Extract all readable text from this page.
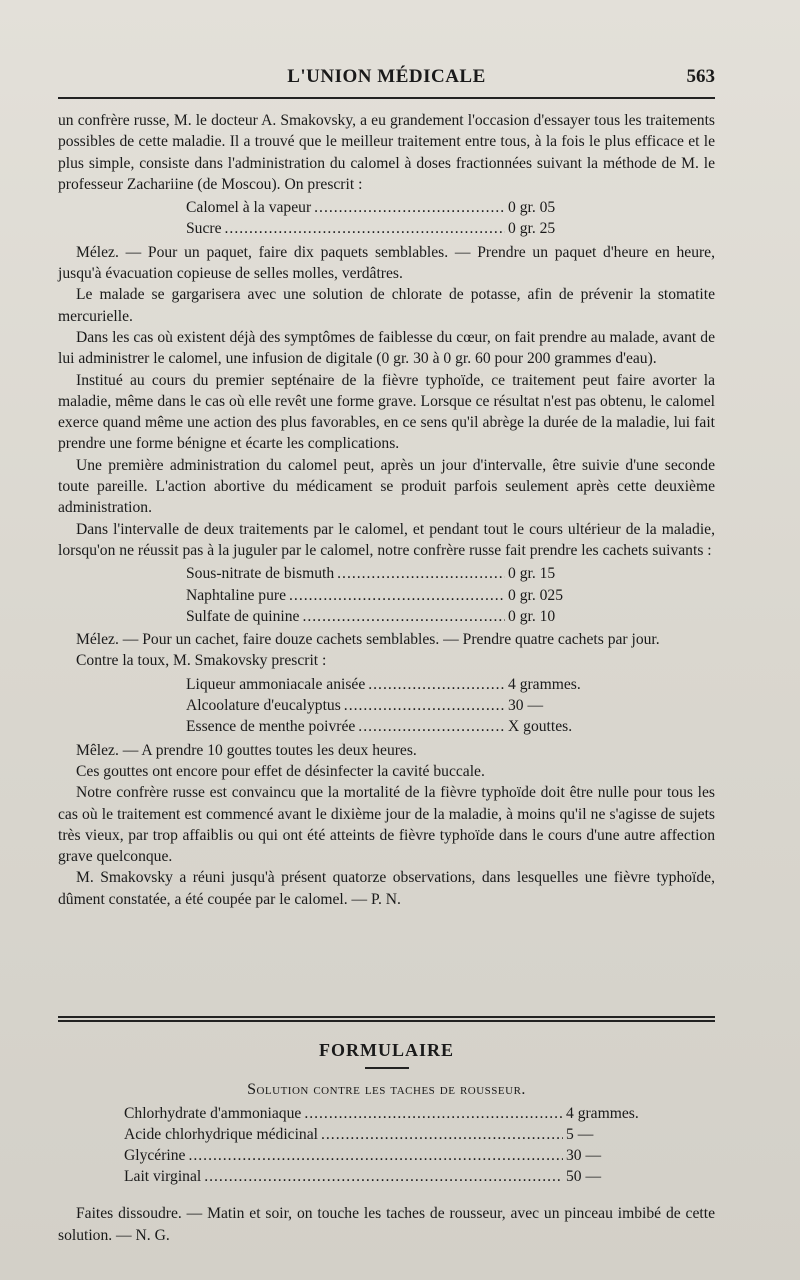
L'UNION MÉDICALE	563

un confrère russe, M. le docteur A. Smakovsky, a eu grandement l'occasion d'essayer tous les traitements possibles de cette maladie. Il a trouvé que le meilleur traitement entre tous, à la fois le plus efficace et le plus simple, consiste dans l'administration du calomel à doses fractionnées suivant la méthode de M. le professeur Zachariine (de Moscou). On prescrit :

Calomel à la vapeur .....	0 gr. 05
Sucre .....	0 gr. 25

Mélez. — Pour un paquet, faire dix paquets semblables. — Prendre un paquet d'heure en heure, jusqu'à évacuation copieuse de selles molles, verdâtres.

Le malade se gargarisera avec une solution de chlorate de potasse, afin de prévenir la stomatite mercurielle.

Dans les cas où existent déjà des symptômes de faiblesse du cœur, on fait prendre au malade, avant de lui administrer le calomel, une infusion de digitale (0 gr. 30 à 0 gr. 60 pour 200 grammes d'eau).

Institué au cours du premier septénaire de la fièvre typhoïde, ce traitement peut faire avorter la maladie, même dans le cas où elle revêt une forme grave. Lorsque ce résultat n'est pas obtenu, le calomel exerce quand même une action des plus favorables, en ce sens qu'il abrège la durée de la maladie, lui fait prendre une forme bénigne et écarte les complications.

Une première administration du calomel peut, après un jour d'intervalle, être suivie d'une seconde toute pareille. L'action abortive du médicament se produit parfois seulement après cette deuxième administration.

Dans l'intervalle de deux traitements par le calomel, et pendant tout le cours ultérieur de la maladie, lorsqu'on ne réussit pas à la juguler par le calomel, notre confrère russe fait prendre les cachets suivants :

Sous-nitrate de bismuth .....	0 gr. 15
Naphtaline pure .....	0 gr. 025
Sulfate de quinine .....	0 gr. 10

Mélez. — Pour un cachet, faire douze cachets semblables. — Prendre quatre cachets par jour.

Contre la toux, M. Smakovsky prescrit :

Liqueur ammoniacale anisée .....	4 grammes.
Alcoolature d'eucalyptus .....	30 —
Essence de menthe poivrée .....	X gouttes.

Mêlez. — A prendre 10 gouttes toutes les deux heures.

Ces gouttes ont encore pour effet de désinfecter la cavité buccale.

Notre confrère russe est convaincu que la mortalité de la fièvre typhoïde doit être nulle pour tous les cas où le traitement est commencé avant le dixième jour de la maladie, à moins qu'il ne s'agisse de sujets très vieux, par trop affaiblis ou qui ont été atteints de fièvre typhoïde dans le cours d'une autre affection grave quelconque.

M. Smakovsky a réuni jusqu'à présent quatorze observations, dans lesquelles une fièvre typhoïde, dûment constatée, a été coupée par le calomel. — P. N.

FORMULAIRE
Solution contre les taches de rousseur.
Chlorhydrate d'ammoniaque .....	4 grammes.
Acide chlorhydrique médicinal .....	5 —
Glycérine .....	30 —
Lait virginal .....	50 —

Faites dissoudre. — Matin et soir, on touche les taches de rousseur, avec un pinceau imbibé de cette solution. — N. G.
